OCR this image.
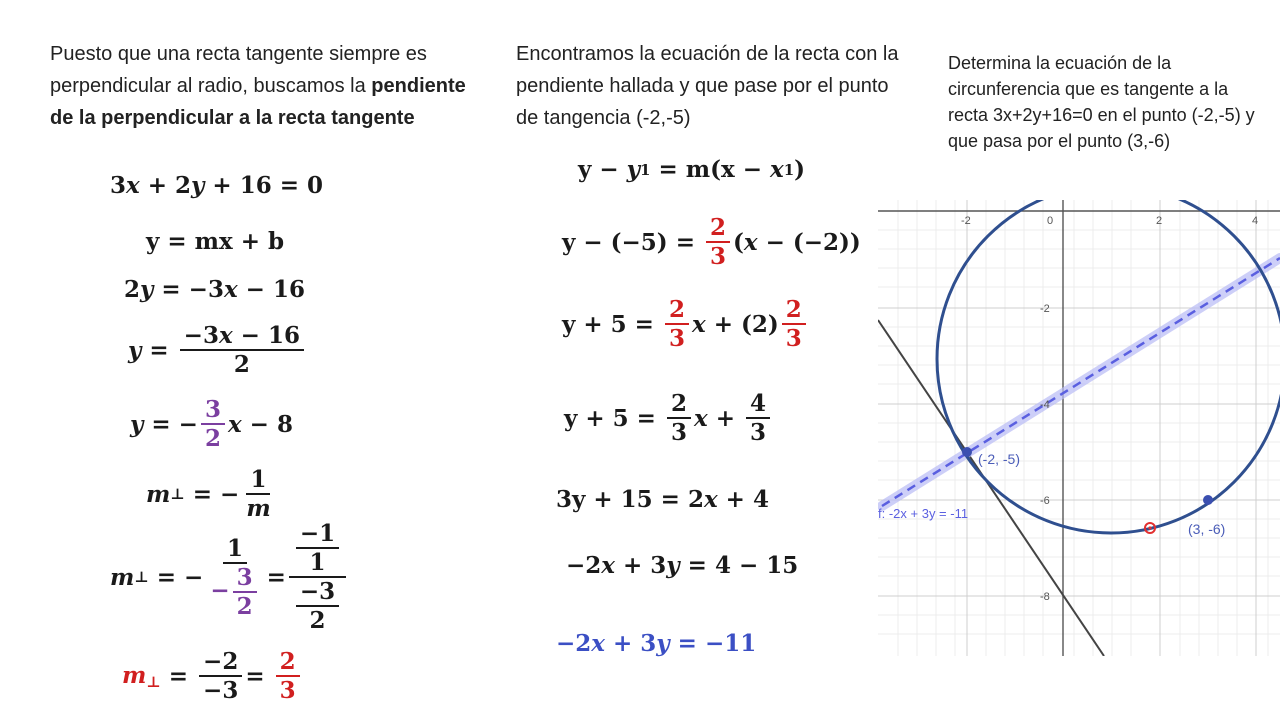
Puesto que una recta tangente siempre es perpendicular al radio, buscamos la pendiente de la perpendicular a la recta tangente
3 x + 2 y + 16 = 0
y = mx + b
2 y = −3 x − 16
$y = \frac{-3x - 16}{2}$
y = − $\frac{3}{2}$ x − 8
m ⊥ = − $\frac{1}{m}$
m ⊥ = − $\frac{1}{- \frac{3}{2}} = \frac{\frac{-1}{1}}{\frac{-3}{2}}$
m⊥ = $\frac{-2}{-3} = \frac{2}{3}$
Encontramos la ecuación de la recta con la pendiente hallada y que pase por el punto de tangencia (-2,-5)
y − y 1 = m(x − x 1 )
$y - (-5) = \frac{2}{3}$ ( x − (−2))
$y + 5 = \frac{2}{3}$ $x + (2) \frac{2}{3}$
$y + 5 = \frac{2}{3}$ $x + \frac{4}{3}$
3y + 15 = 2 x + 4
−2 x + 3 y = 4 − 15
−2 x + 3 y = −11
Determina la ecuación de la circunferencia que es tangente a la recta 3x+2y+16=0 en el punto (-2,-5) y que pasa por el punto (3,-6)
-2	0	2	4
-2
-4
-6
-8
(-2, -5)
(3, -6)
f: -2x + 3y = -11
